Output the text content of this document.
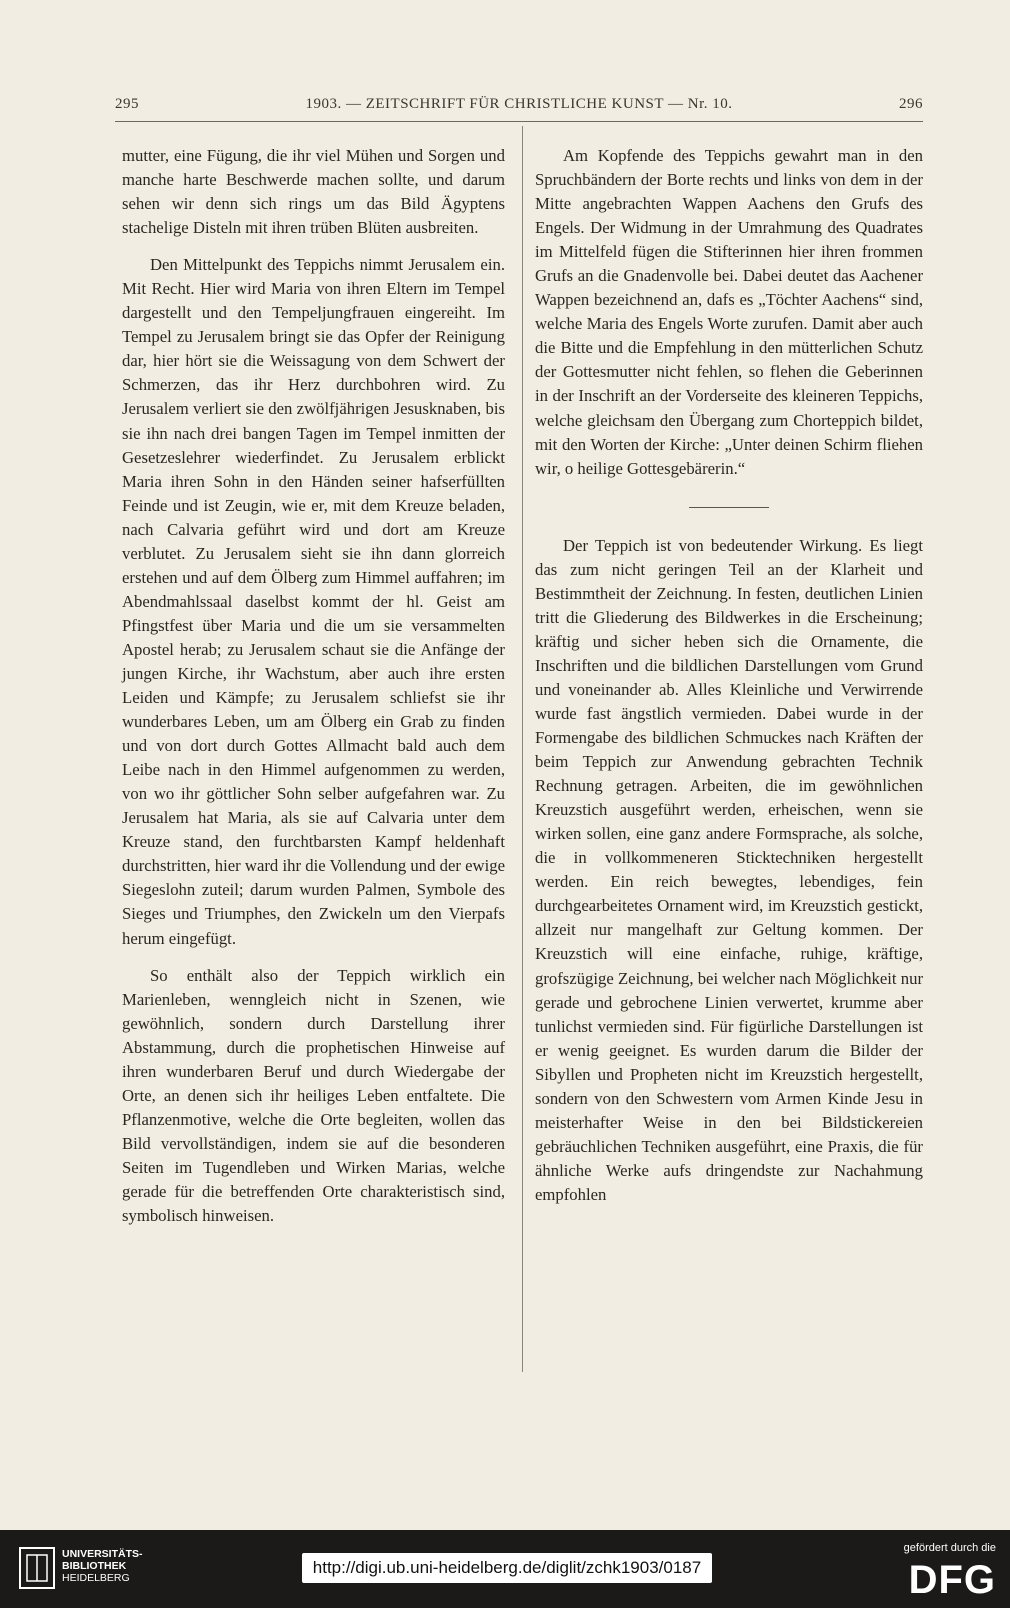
295	1903. — ZEITSCHRIFT FÜR CHRISTLICHE KUNST — Nr. 10.	296

mutter, eine Fügung, die ihr viel Mühen und Sorgen und manche harte Beschwerde machen sollte, und darum sehen wir denn sich rings um das Bild Ägyptens stachelige Disteln mit ihren trüben Blüten ausbreiten.

Den Mittelpunkt des Teppichs nimmt Jerusalem ein. Mit Recht. Hier wird Maria von ihren Eltern im Tempel dargestellt und den Tempeljungfrauen eingereiht. Im Tempel zu Jerusalem bringt sie das Opfer der Reinigung dar, hier hört sie die Weissagung von dem Schwert der Schmerzen, das ihr Herz durchbohren wird. Zu Jerusalem verliert sie den zwölfjährigen Jesusknaben, bis sie ihn nach drei bangen Tagen im Tempel inmitten der Gesetzeslehrer wiederfindet. Zu Jerusalem erblickt Maria ihren Sohn in den Händen seiner hafserfüllten Feinde und ist Zeugin, wie er, mit dem Kreuze beladen, nach Calvaria geführt wird und dort am Kreuze verblutet. Zu Jerusalem sieht sie ihn dann glorreich erstehen und auf dem Ölberg zum Himmel auffahren; im Abendmahlssaal daselbst kommt der hl. Geist am Pfingstfest über Maria und die um sie versammelten Apostel herab; zu Jerusalem schaut sie die Anfänge der jungen Kirche, ihr Wachstum, aber auch ihre ersten Leiden und Kämpfe; zu Jerusalem schliefst sie ihr wunderbares Leben, um am Ölberg ein Grab zu finden und von dort durch Gottes Allmacht bald auch dem Leibe nach in den Himmel aufgenommen zu werden, von wo ihr göttlicher Sohn selber aufgefahren war. Zu Jerusalem hat Maria, als sie auf Calvaria unter dem Kreuze stand, den furchtbarsten Kampf heldenhaft durchstritten, hier ward ihr die Vollendung und der ewige Siegeslohn zuteil; darum wurden Palmen, Symbole des Sieges und Triumphes, den Zwickeln um den Vierpafs herum eingefügt.

So enthält also der Teppich wirklich ein Marienleben, wenngleich nicht in Szenen, wie gewöhnlich, sondern durch Darstellung ihrer Abstammung, durch die prophetischen Hinweise auf ihren wunderbaren Beruf und durch Wiedergabe der Orte, an denen sich ihr heiliges Leben entfaltete. Die Pflanzenmotive, welche die Orte begleiten, wollen das Bild vervollständigen, indem sie auf die besonderen Seiten im Tugendleben und Wirken Marias, welche gerade für die betreffenden Orte charakteristisch sind, symbolisch hinweisen.

Am Kopfende des Teppichs gewahrt man in den Spruchbändern der Borte rechts und links von dem in der Mitte angebrachten Wappen Aachens den Grufs des Engels. Der Widmung in der Umrahmung des Quadrates im Mittelfeld fügen die Stifterinnen hier ihren frommen Grufs an die Gnadenvolle bei. Dabei deutet das Aachener Wappen bezeichnend an, dafs es „Töchter Aachens“ sind, welche Maria des Engels Worte zurufen. Damit aber auch die Bitte und die Empfehlung in den mütterlichen Schutz der Gottesmutter nicht fehlen, so flehen die Geberinnen in der Inschrift an der Vorderseite des kleineren Teppichs, welche gleichsam den Übergang zum Chorteppich bildet, mit den Worten der Kirche: „Unter deinen Schirm fliehen wir, o heilige Gottesgebärerin.“

Der Teppich ist von bedeutender Wirkung. Es liegt das zum nicht geringen Teil an der Klarheit und Bestimmtheit der Zeichnung. In festen, deutlichen Linien tritt die Gliederung des Bildwerkes in die Erscheinung; kräftig und sicher heben sich die Ornamente, die Inschriften und die bildlichen Darstellungen vom Grund und voneinander ab. Alles Kleinliche und Verwirrende wurde fast ängstlich vermieden. Dabei wurde in der Formengabe des bildlichen Schmuckes nach Kräften der beim Teppich zur Anwendung gebrachten Technik Rechnung getragen. Arbeiten, die im gewöhnlichen Kreuzstich ausgeführt werden, erheischen, wenn sie wirken sollen, eine ganz andere Formsprache, als solche, die in vollkommeneren Sticktechniken hergestellt werden. Ein reich bewegtes, lebendiges, fein durchgearbeitetes Ornament wird, im Kreuzstich gestickt, allzeit nur mangelhaft zur Geltung kommen. Der Kreuzstich will eine einfache, ruhige, kräftige, grofszügige Zeichnung, bei welcher nach Möglichkeit nur gerade und gebrochene Linien verwertet, krumme aber tunlichst vermieden sind. Für figürliche Darstellungen ist er wenig geeignet. Es wurden darum die Bilder der Sibyllen und Propheten nicht im Kreuzstich hergestellt, sondern von den Schwestern vom Armen Kinde Jesu in meisterhafter Weise in den bei Bildstickereien gebräuchlichen Techniken ausgeführt, eine Praxis, die für ähnliche Werke aufs dringendste zur Nachahmung empfohlen

UNIVERSITÄTS-
BIBLIOTHEK
HEIDELBERG
http://digi.ub.uni-heidelberg.de/diglit/zchk1903/0187
gefördert durch die
DFG
